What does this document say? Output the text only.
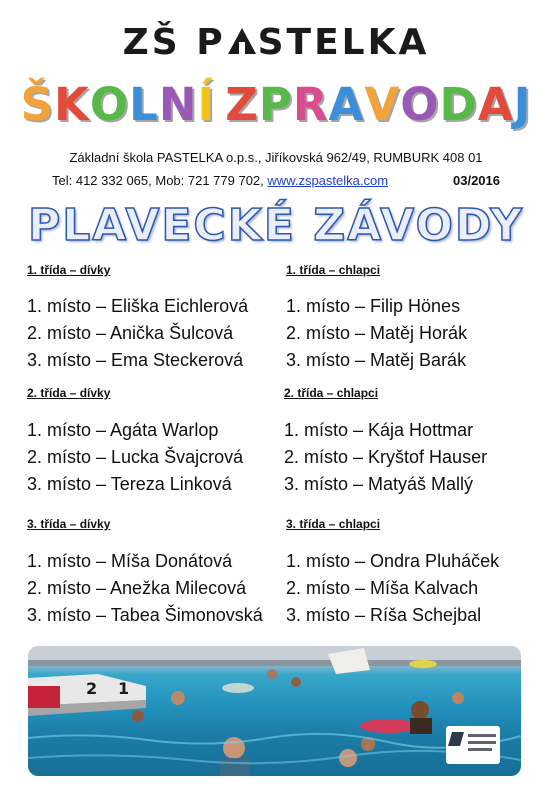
ZŠ P STELKA
ŠKOLNÍ ZPRAVODAJ
Základní škola PASTELKA o.p.s., Jiříkovská 962/49, RUMBURK 408 01
Tel: 412 332 065, Mob: 721 779 702, www.zspastelka.com	03/2016
PLAVECKÉ ZÁVODY
1. třída – dívky
1. místo – Eliška Eichlerová
2. místo – Anička Šulcová
3. místo – Ema Steckerová
1. třída – chlapci
1. místo – Filip Hönes
2. místo – Matěj Horák
3. místo – Matěj Barák
2. třída – dívky
1. místo – Agáta Warlop
2. místo – Lucka Švajcrová
3. místo – Tereza Linková
2. třída – chlapci
1. místo – Kája Hottmar
2. místo – Kryštof Hauser
3. místo – Matyáš Mallý
3. třída – dívky
1. místo – Míša Donátová
2. místo – Anežka Milecová
3. místo – Tabea Šimonovská
3. třída – chlapci
1. místo – Ondra Pluháček
2. místo – Míša Kalvach
3. místo – Ríša Schejbal
2 1
